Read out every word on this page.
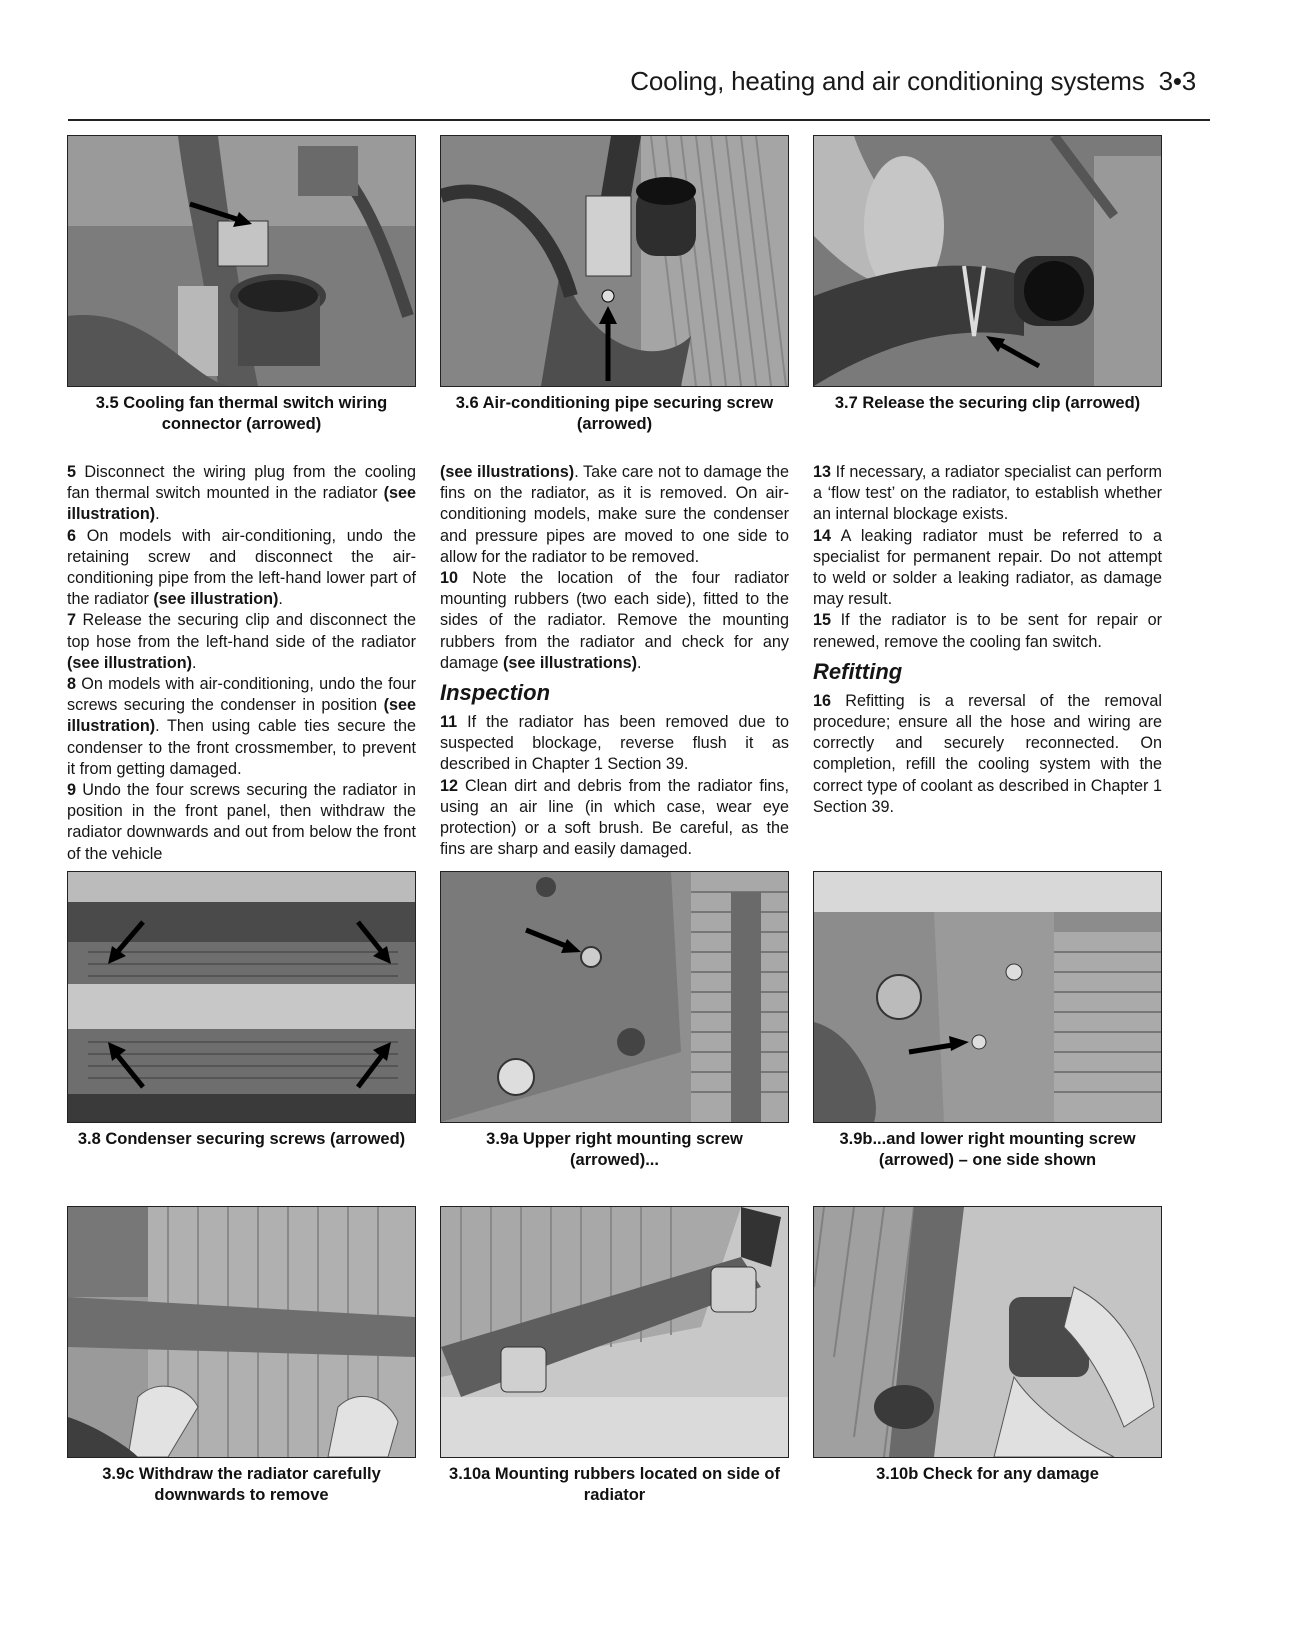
Cooling, heating and air conditioning systems 3•3
3.5 Cooling fan thermal switch wiring
connector (arrowed)
3.6 Air-conditioning pipe securing screw
(arrowed)
3.7 Release the securing clip (arrowed)

5 Disconnect the wiring plug from the cooling fan thermal switch mounted in the radiator (see illustration).

6 On models with air-conditioning, undo the retaining screw and disconnect the air-conditioning pipe from the left-hand lower part of the radiator (see illustration).

7 Release the securing clip and disconnect the top hose from the left-hand side of the radiator (see illustration).

8 On models with air-conditioning, undo the four screws securing the condenser in position (see illustration). Then using cable ties secure the condenser to the front crossmember, to prevent it from getting damaged.

9 Undo the four screws securing the radiator in position in the front panel, then withdraw the radiator downwards and out from below the front of the vehicle

(see illustrations). Take care not to damage the fins on the radiator, as it is removed. On air-conditioning models, make sure the condenser and pressure pipes are moved to one side to allow for the radiator to be removed.

10 Note the location of the four radiator mounting rubbers (two each side), fitted to the sides of the radiator. Remove the mounting rubbers from the radiator and check for any damage (see illustrations).

Inspection

11 If the radiator has been removed due to suspected blockage, reverse flush it as described in Chapter 1 Section 39.

12 Clean dirt and debris from the radiator fins, using an air line (in which case, wear eye protection) or a soft brush. Be careful, as the fins are sharp and easily damaged.

13 If necessary, a radiator specialist can perform a ‘flow test’ on the radiator, to establish whether an internal blockage exists.

14 A leaking radiator must be referred to a specialist for permanent repair. Do not attempt to weld or solder a leaking radiator, as damage may result.

15 If the radiator is to be sent for repair or renewed, remove the cooling fan switch.

Refitting

16 Refitting is a reversal of the removal procedure; ensure all the hose and wiring are correctly and securely reconnected. On completion, refill the cooling system with the correct type of coolant as described in Chapter 1 Section 39.

3.8 Condenser securing screws (arrowed)	3.9a Upper right mounting screw
(arrowed)...
3.9b...and lower right mounting screw
(arrowed) – one side shown
3.9c Withdraw the radiator carefully
downwards to remove
3.10a Mounting rubbers located on side of
radiator
3.10b Check for any damage
